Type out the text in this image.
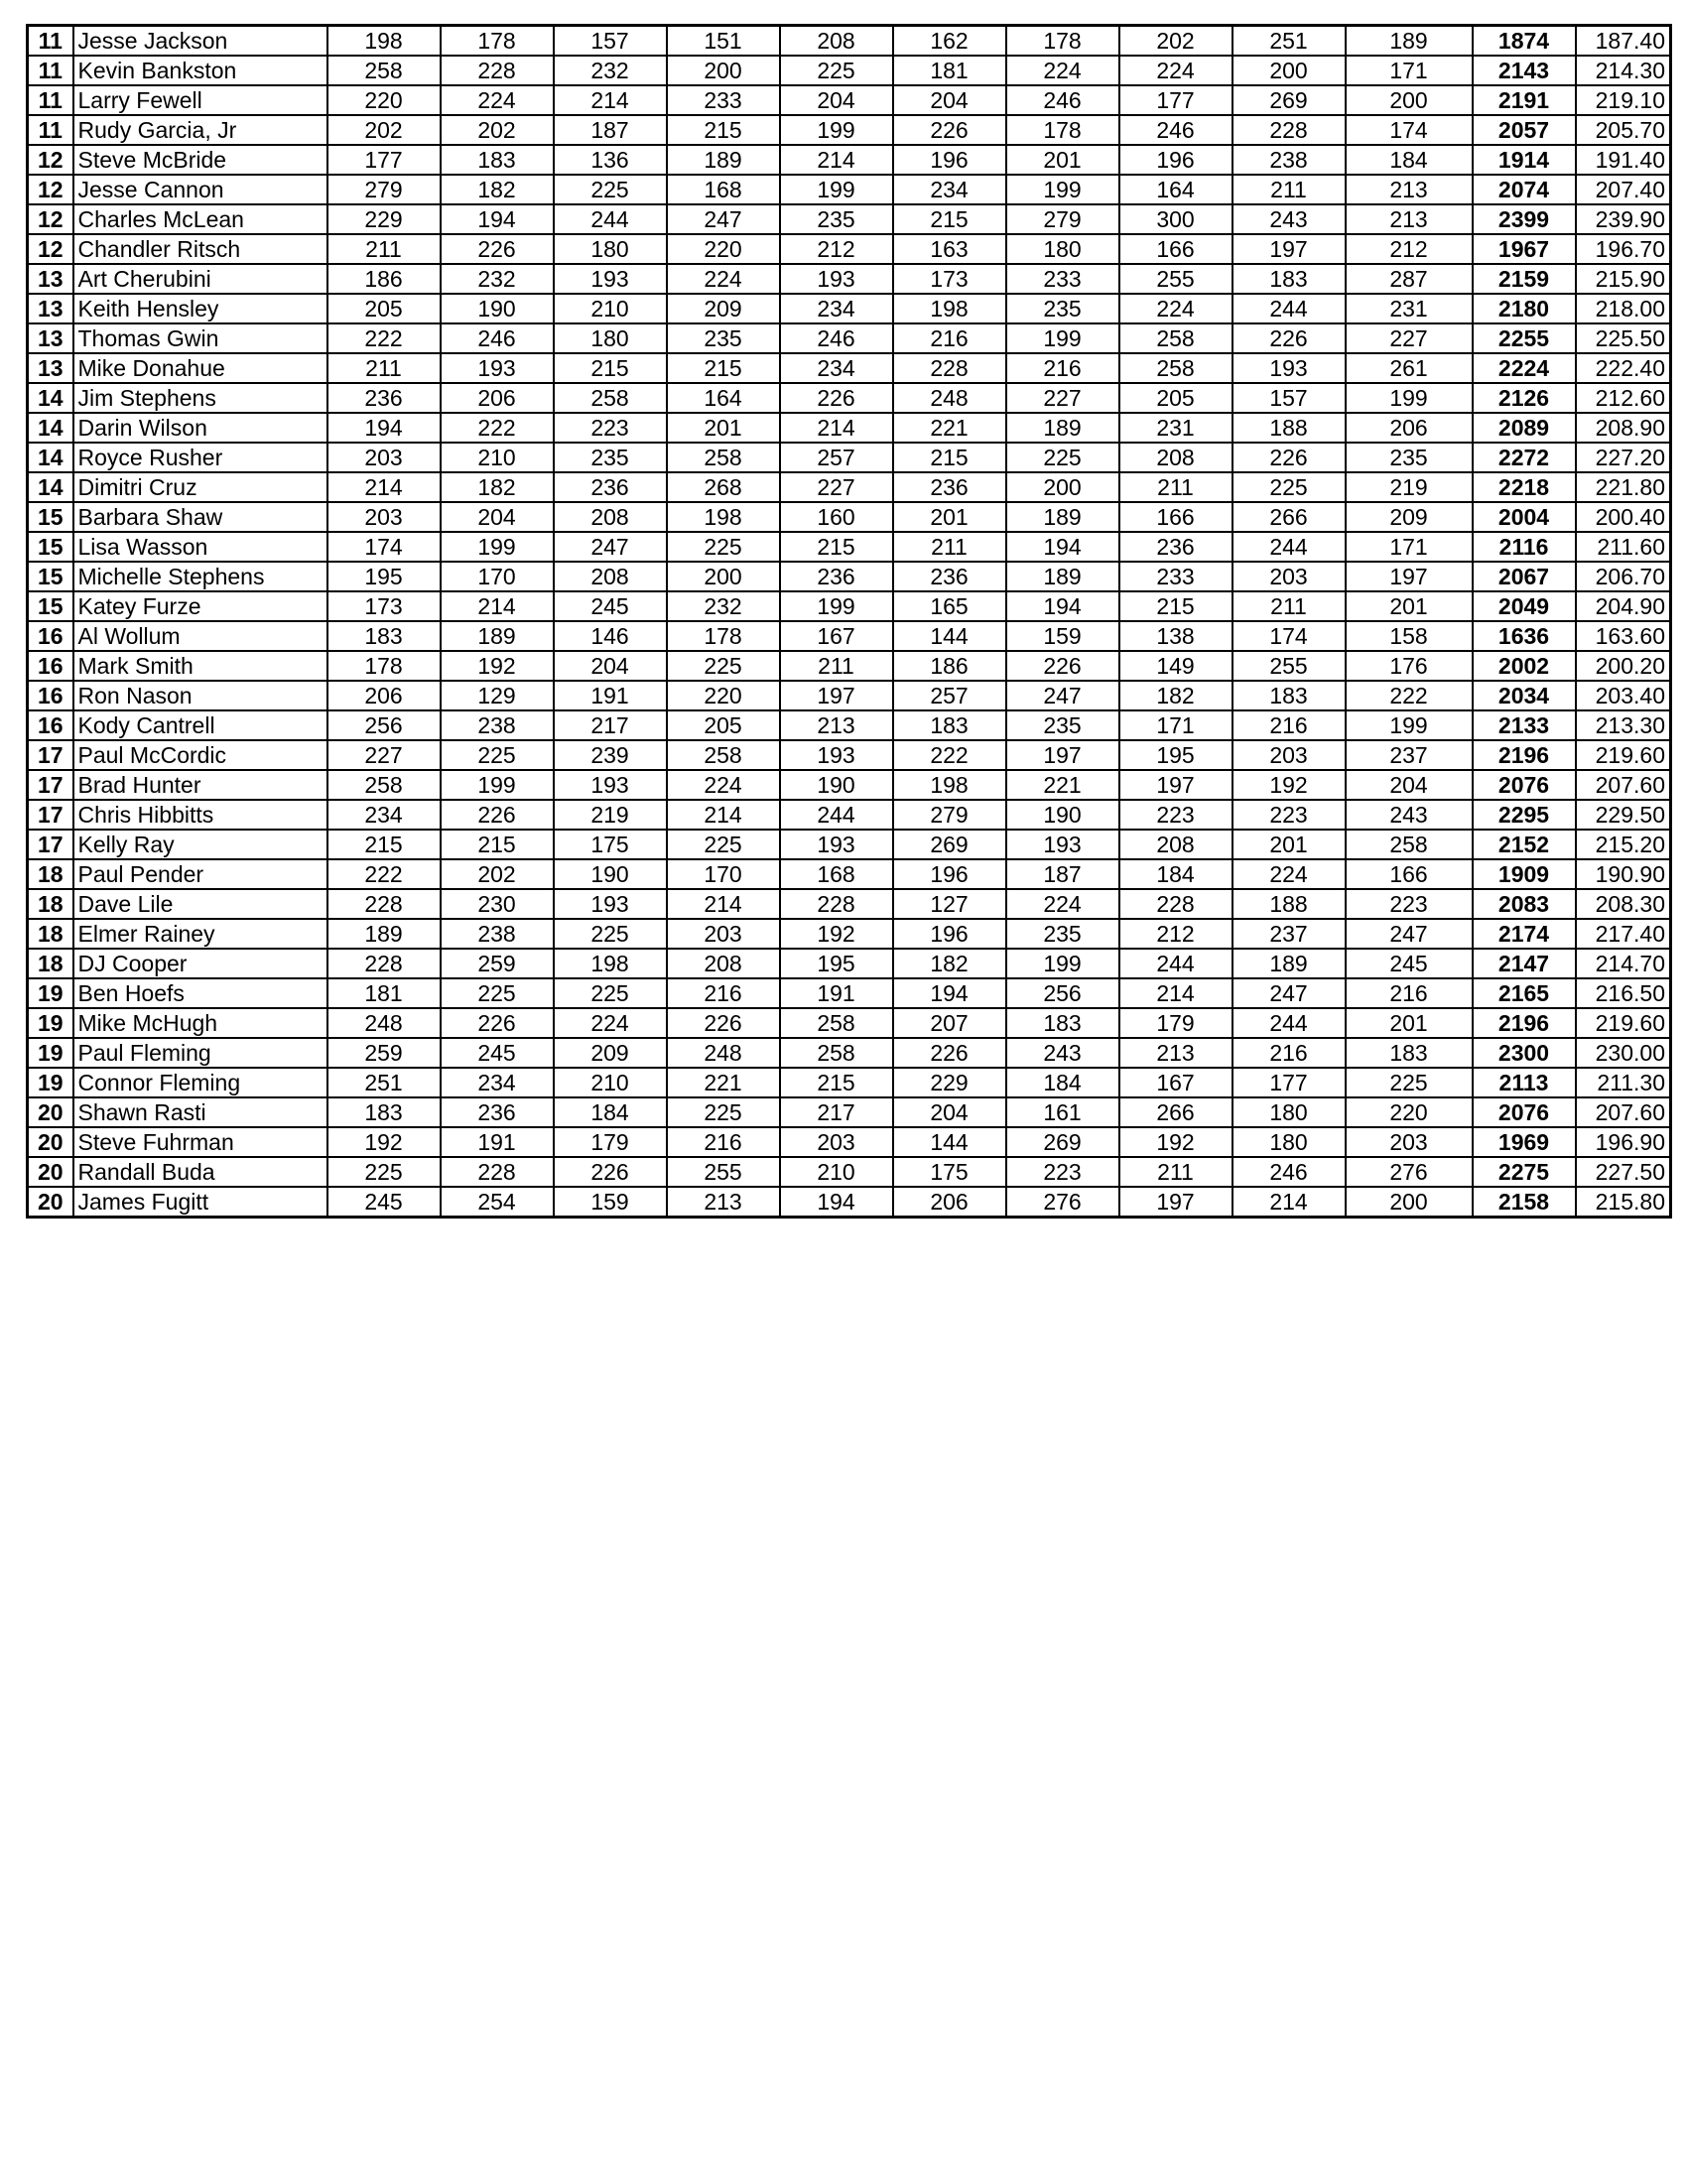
11	Jesse Jackson	198	178	157	151	208	162	178	202	251	189	1874	187.40
11	Kevin Bankston	258	228	232	200	225	181	224	224	200	171	2143	214.30
11	Larry Fewell	220	224	214	233	204	204	246	177	269	200	2191	219.10
11	Rudy Garcia, Jr	202	202	187	215	199	226	178	246	228	174	2057	205.70
12	Steve McBride	177	183	136	189	214	196	201	196	238	184	1914	191.40
12	Jesse Cannon	279	182	225	168	199	234	199	164	211	213	2074	207.40
12	Charles McLean	229	194	244	247	235	215	279	300	243	213	2399	239.90
12	Chandler Ritsch	211	226	180	220	212	163	180	166	197	212	1967	196.70
13	Art Cherubini	186	232	193	224	193	173	233	255	183	287	2159	215.90
13	Keith Hensley	205	190	210	209	234	198	235	224	244	231	2180	218.00
13	Thomas Gwin	222	246	180	235	246	216	199	258	226	227	2255	225.50
13	Mike Donahue	211	193	215	215	234	228	216	258	193	261	2224	222.40
14	Jim Stephens	236	206	258	164	226	248	227	205	157	199	2126	212.60
14	Darin Wilson	194	222	223	201	214	221	189	231	188	206	2089	208.90
14	Royce Rusher	203	210	235	258	257	215	225	208	226	235	2272	227.20
14	Dimitri Cruz	214	182	236	268	227	236	200	211	225	219	2218	221.80
15	Barbara Shaw	203	204	208	198	160	201	189	166	266	209	2004	200.40
15	Lisa Wasson	174	199	247	225	215	211	194	236	244	171	2116	211.60
15	Michelle Stephens	195	170	208	200	236	236	189	233	203	197	2067	206.70
15	Katey Furze	173	214	245	232	199	165	194	215	211	201	2049	204.90
16	Al Wollum	183	189	146	178	167	144	159	138	174	158	1636	163.60
16	Mark Smith	178	192	204	225	211	186	226	149	255	176	2002	200.20
16	Ron Nason	206	129	191	220	197	257	247	182	183	222	2034	203.40
16	Kody Cantrell	256	238	217	205	213	183	235	171	216	199	2133	213.30
17	Paul McCordic	227	225	239	258	193	222	197	195	203	237	2196	219.60
17	Brad Hunter	258	199	193	224	190	198	221	197	192	204	2076	207.60
17	Chris Hibbitts	234	226	219	214	244	279	190	223	223	243	2295	229.50
17	Kelly Ray	215	215	175	225	193	269	193	208	201	258	2152	215.20
18	Paul Pender	222	202	190	170	168	196	187	184	224	166	1909	190.90
18	Dave Lile	228	230	193	214	228	127	224	228	188	223	2083	208.30
18	Elmer Rainey	189	238	225	203	192	196	235	212	237	247	2174	217.40
18	DJ Cooper	228	259	198	208	195	182	199	244	189	245	2147	214.70
19	Ben Hoefs	181	225	225	216	191	194	256	214	247	216	2165	216.50
19	Mike McHugh	248	226	224	226	258	207	183	179	244	201	2196	219.60
19	Paul Fleming	259	245	209	248	258	226	243	213	216	183	2300	230.00
19	Connor Fleming	251	234	210	221	215	229	184	167	177	225	2113	211.30
20	Shawn Rasti	183	236	184	225	217	204	161	266	180	220	2076	207.60
20	Steve Fuhrman	192	191	179	216	203	144	269	192	180	203	1969	196.90
20	Randall Buda	225	228	226	255	210	175	223	211	246	276	2275	227.50
20	James Fugitt	245	254	159	213	194	206	276	197	214	200	2158	215.80
